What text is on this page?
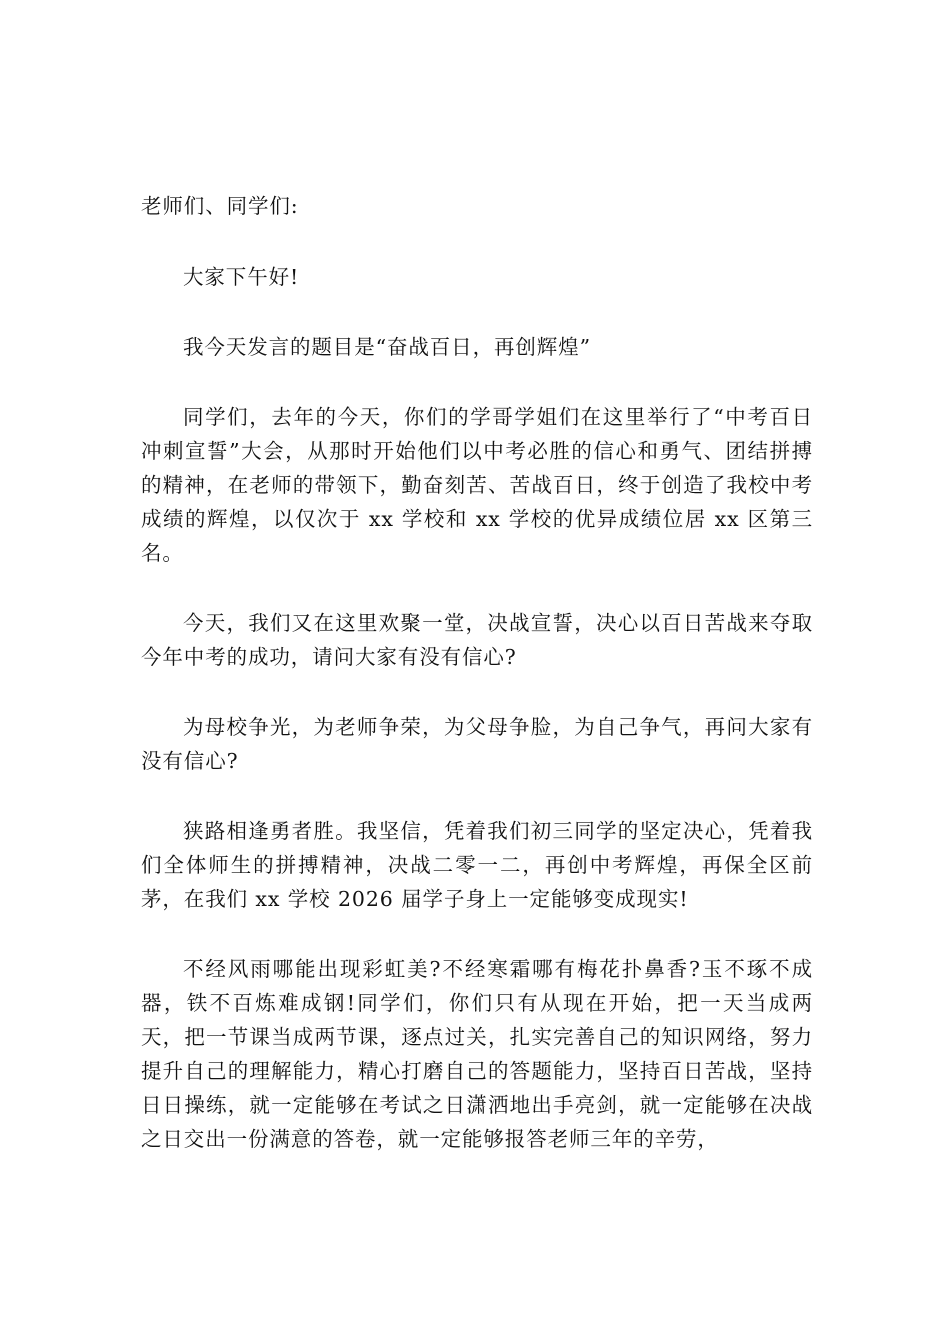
老师们、同学们:

大家下午好!

我今天发言的题目是“奋战百日，再创辉煌”

同学们，去年的今天，你们的学哥学姐们在这里举行了“中考百日冲刺宣誓”大会，从那时开始他们以中考必胜的信心和勇气、团结拼搏的精神，在老师的带领下，勤奋刻苦、苦战百日，终于创造了我校中考成绩的辉煌，以仅次于 xx 学校和 xx 学校的优异成绩位居 xx 区第三名。

今天，我们又在这里欢聚一堂，决战宣誓，决心以百日苦战来夺取今年中考的成功，请问大家有没有信心?

为母校争光，为老师争荣，为父母争脸，为自己争气，再问大家有没有信心?

狭路相逢勇者胜。我坚信，凭着我们初三同学的坚定决心，凭着我们全体师生的拼搏精神，决战二零一二，再创中考辉煌，再保全区前茅，在我们 xx 学校 2026 届学子身上一定能够变成现实!

不经风雨哪能出现彩虹美?不经寒霜哪有梅花扑鼻香?玉不琢不成器，铁不百炼难成钢!同学们，你们只有从现在开始，把一天当成两天，把一节课当成两节课，逐点过关，扎实完善自己的知识网络，努力提升自己的理解能力，精心打磨自己的答题能力，坚持百日苦战，坚持日日操练，就一定能够在考试之日潇洒地出手亮剑，就一定能够在决战之日交出一份满意的答卷，就一定能够报答老师三年的辛劳，
